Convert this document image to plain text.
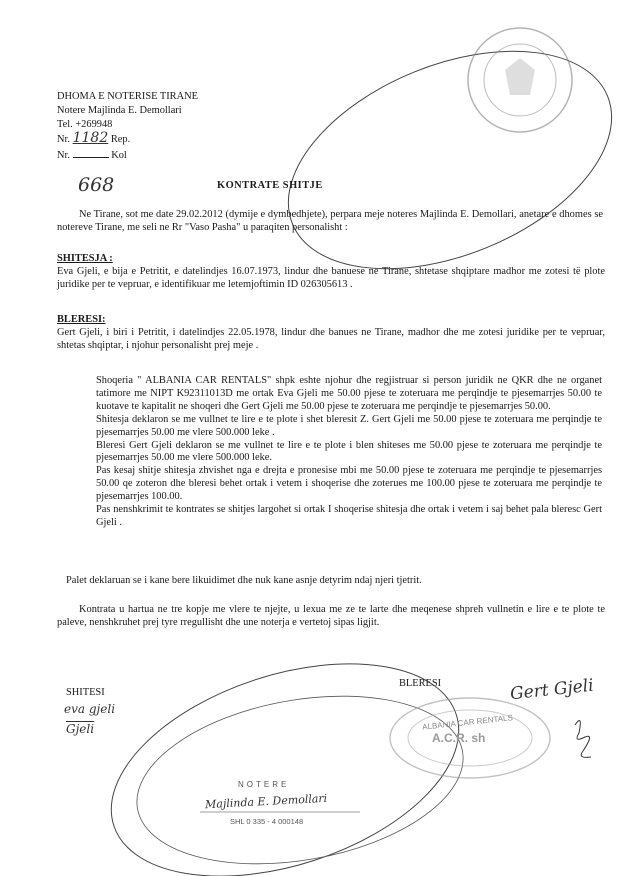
DHOMA E NOTERISE TIRANE
Notere Majlinda E. Demollari
Tel. +269948
Nr. 1182 Rep.
Nr.	Kol
668	KONTRATE SHITJE
Ne Tirane, sot me date 29.02.2012 (dymije e dymbedhjete), perpara meje noteres Majlinda E. Demollari, anetare e dhomes se notereve Tirane, me seli ne Rr "Vaso Pasha" u paraqiten personalisht :
SHITESJA :
Eva Gjeli, e bija e Petritit, e datelindjes 16.07.1973, lindur dhe banuese ne Tirane, shtetase shqiptare madhor me zotesi të plote juridike per te vepruar, e identifikuar me letemjoftimin ID 026305613 .
BLERESI:
Gert Gjeli, i biri i Petritit, i datelindjes 22.05.1978, lindur dhe banues ne Tirane, madhor dhe me zotesi juridike per te vepruar, shtetas shqiptar, i njohur personalisht prej meje .
Shoqeria " ALBANIA CAR RENTALS" shpk eshte njohur dhe regjistruar si person juridik ne QKR dhe ne organet tatimore me NIPT K92311013D me ortak Eva Gjeli me 50.00 pjese te zoteruara me perqindje te pjesemarrjes 50.00 te kuotave te kapitalit ne shoqeri dhe Gert Gjeli me 50.00 pjese te zoteruara me perqindje te pjesemarrjes 50.00.
Shitesja deklaron se me vullnet te lire e te plote i shet bleresit Z. Gert Gjeli me 50.00 pjese te zoteruara me perqindje te pjesemarrjes 50.00 me vlere 500.000 leke .
Bleresi Gert Gjeli deklaron se me vullnet te lire e te plote i blen shiteses me 50.00 pjese te zoteruara me perqindje te pjesemarrjes 50.00 me vlere 500.000 leke.
Pas kesaj shitje shitesja zhvishet nga e drejta e pronesise mbi me 50.00 pjese te zoteruara me perqindje te pjesemarrjes 50.00 qe zoteron dhe bleresi behet ortak i vetem i shoqerise dhe zoterues me 100.00 pjese te zoteruara me perqindje te pjesemarrjes 100.00.
Pas nenshkrimit te kontrates se shitjes largohet si ortak I shoqerise shitesja dhe ortak i vetem i saj behet pala bleresc Gert Gjeli .
Palet deklaruan se i kane bere likuidimet dhe nuk kane asnje detyrim ndaj njeri tjetrit.
Kontrata u hartua ne tre kopje me vlere te njejte, u lexua me ze te larte dhe meqenese shpreh vullnetin e lire e te plote te paleve, nenshkruhet prej tyre rregullisht dhe une noterja e vertetoj sipas ligjit.
SHITESI
BLERESI
eva gjeli
Gjeli
Gert Gjeli
ALBANIA CAR RENTALS
A.C.R. sh
NOTERE
Majlinda E. Demollari
SHL 0 335 - 4 000148
